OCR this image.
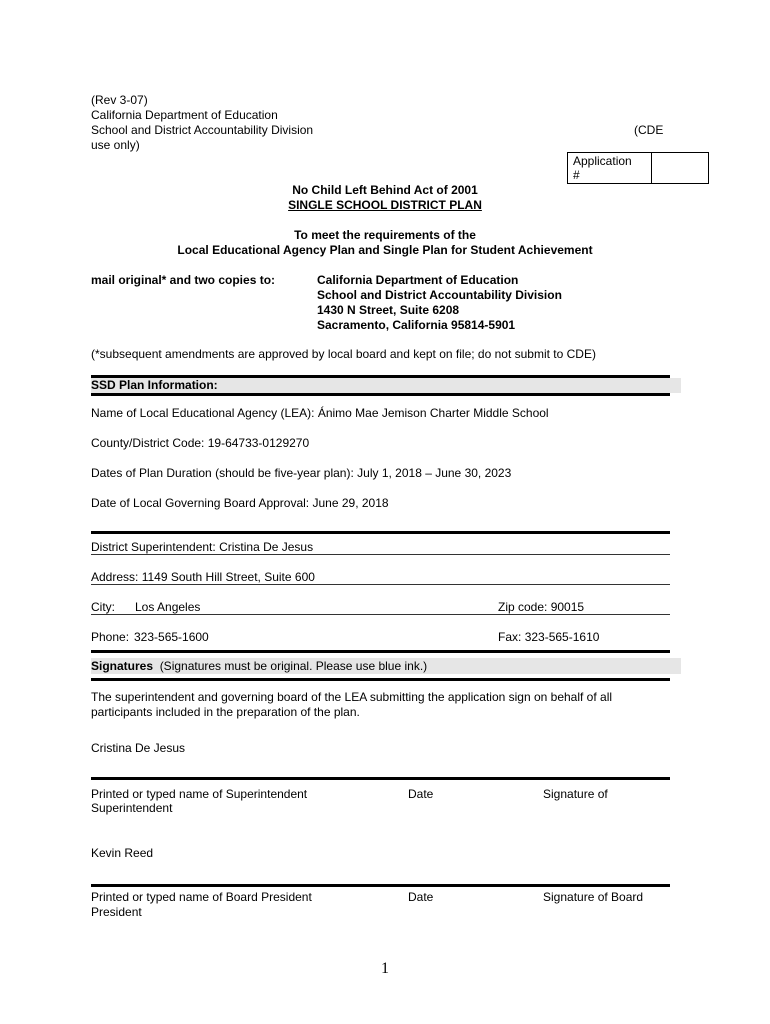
(Rev 3-07)
California Department of Education
School and District Accountability Division	(CDE
use only)
Application
#
No Child Left Behind Act of 2001
SINGLE SCHOOL DISTRICT PLAN
To meet the requirements of the
Local Educational Agency Plan and Single Plan for Student Achievement
mail original* and two copies to:	California Department of Education
School and District Accountability Division
1430 N Street, Suite 6208
Sacramento, California 95814-5901
(*subsequent amendments are approved by local board and kept on file; do not submit to CDE)
SSD Plan Information:
Name of Local Educational Agency (LEA): Ánimo Mae Jemison Charter Middle School
County/District Code: 19-64733-0129270
Dates of Plan Duration (should be five-year plan): July 1, 2018 – June 30, 2023
Date of Local Governing Board Approval: June 29, 2018
District Superintendent: Cristina De Jesus
Address: 1149 South Hill Street, Suite 600
City: Los Angeles	Zip code: 90015
Phone: 323-565-1600	Fax: 323-565-1610
Signatures (Signatures must be original. Please use blue ink.)
The superintendent and governing board of the LEA submitting the application sign on behalf of all participants included in the preparation of the plan.
Cristina De Jesus
Printed or typed name of Superintendent	Date	Signature of
Superintendent
Kevin Reed
Printed or typed name of Board President	Date	Signature of Board
President
1
